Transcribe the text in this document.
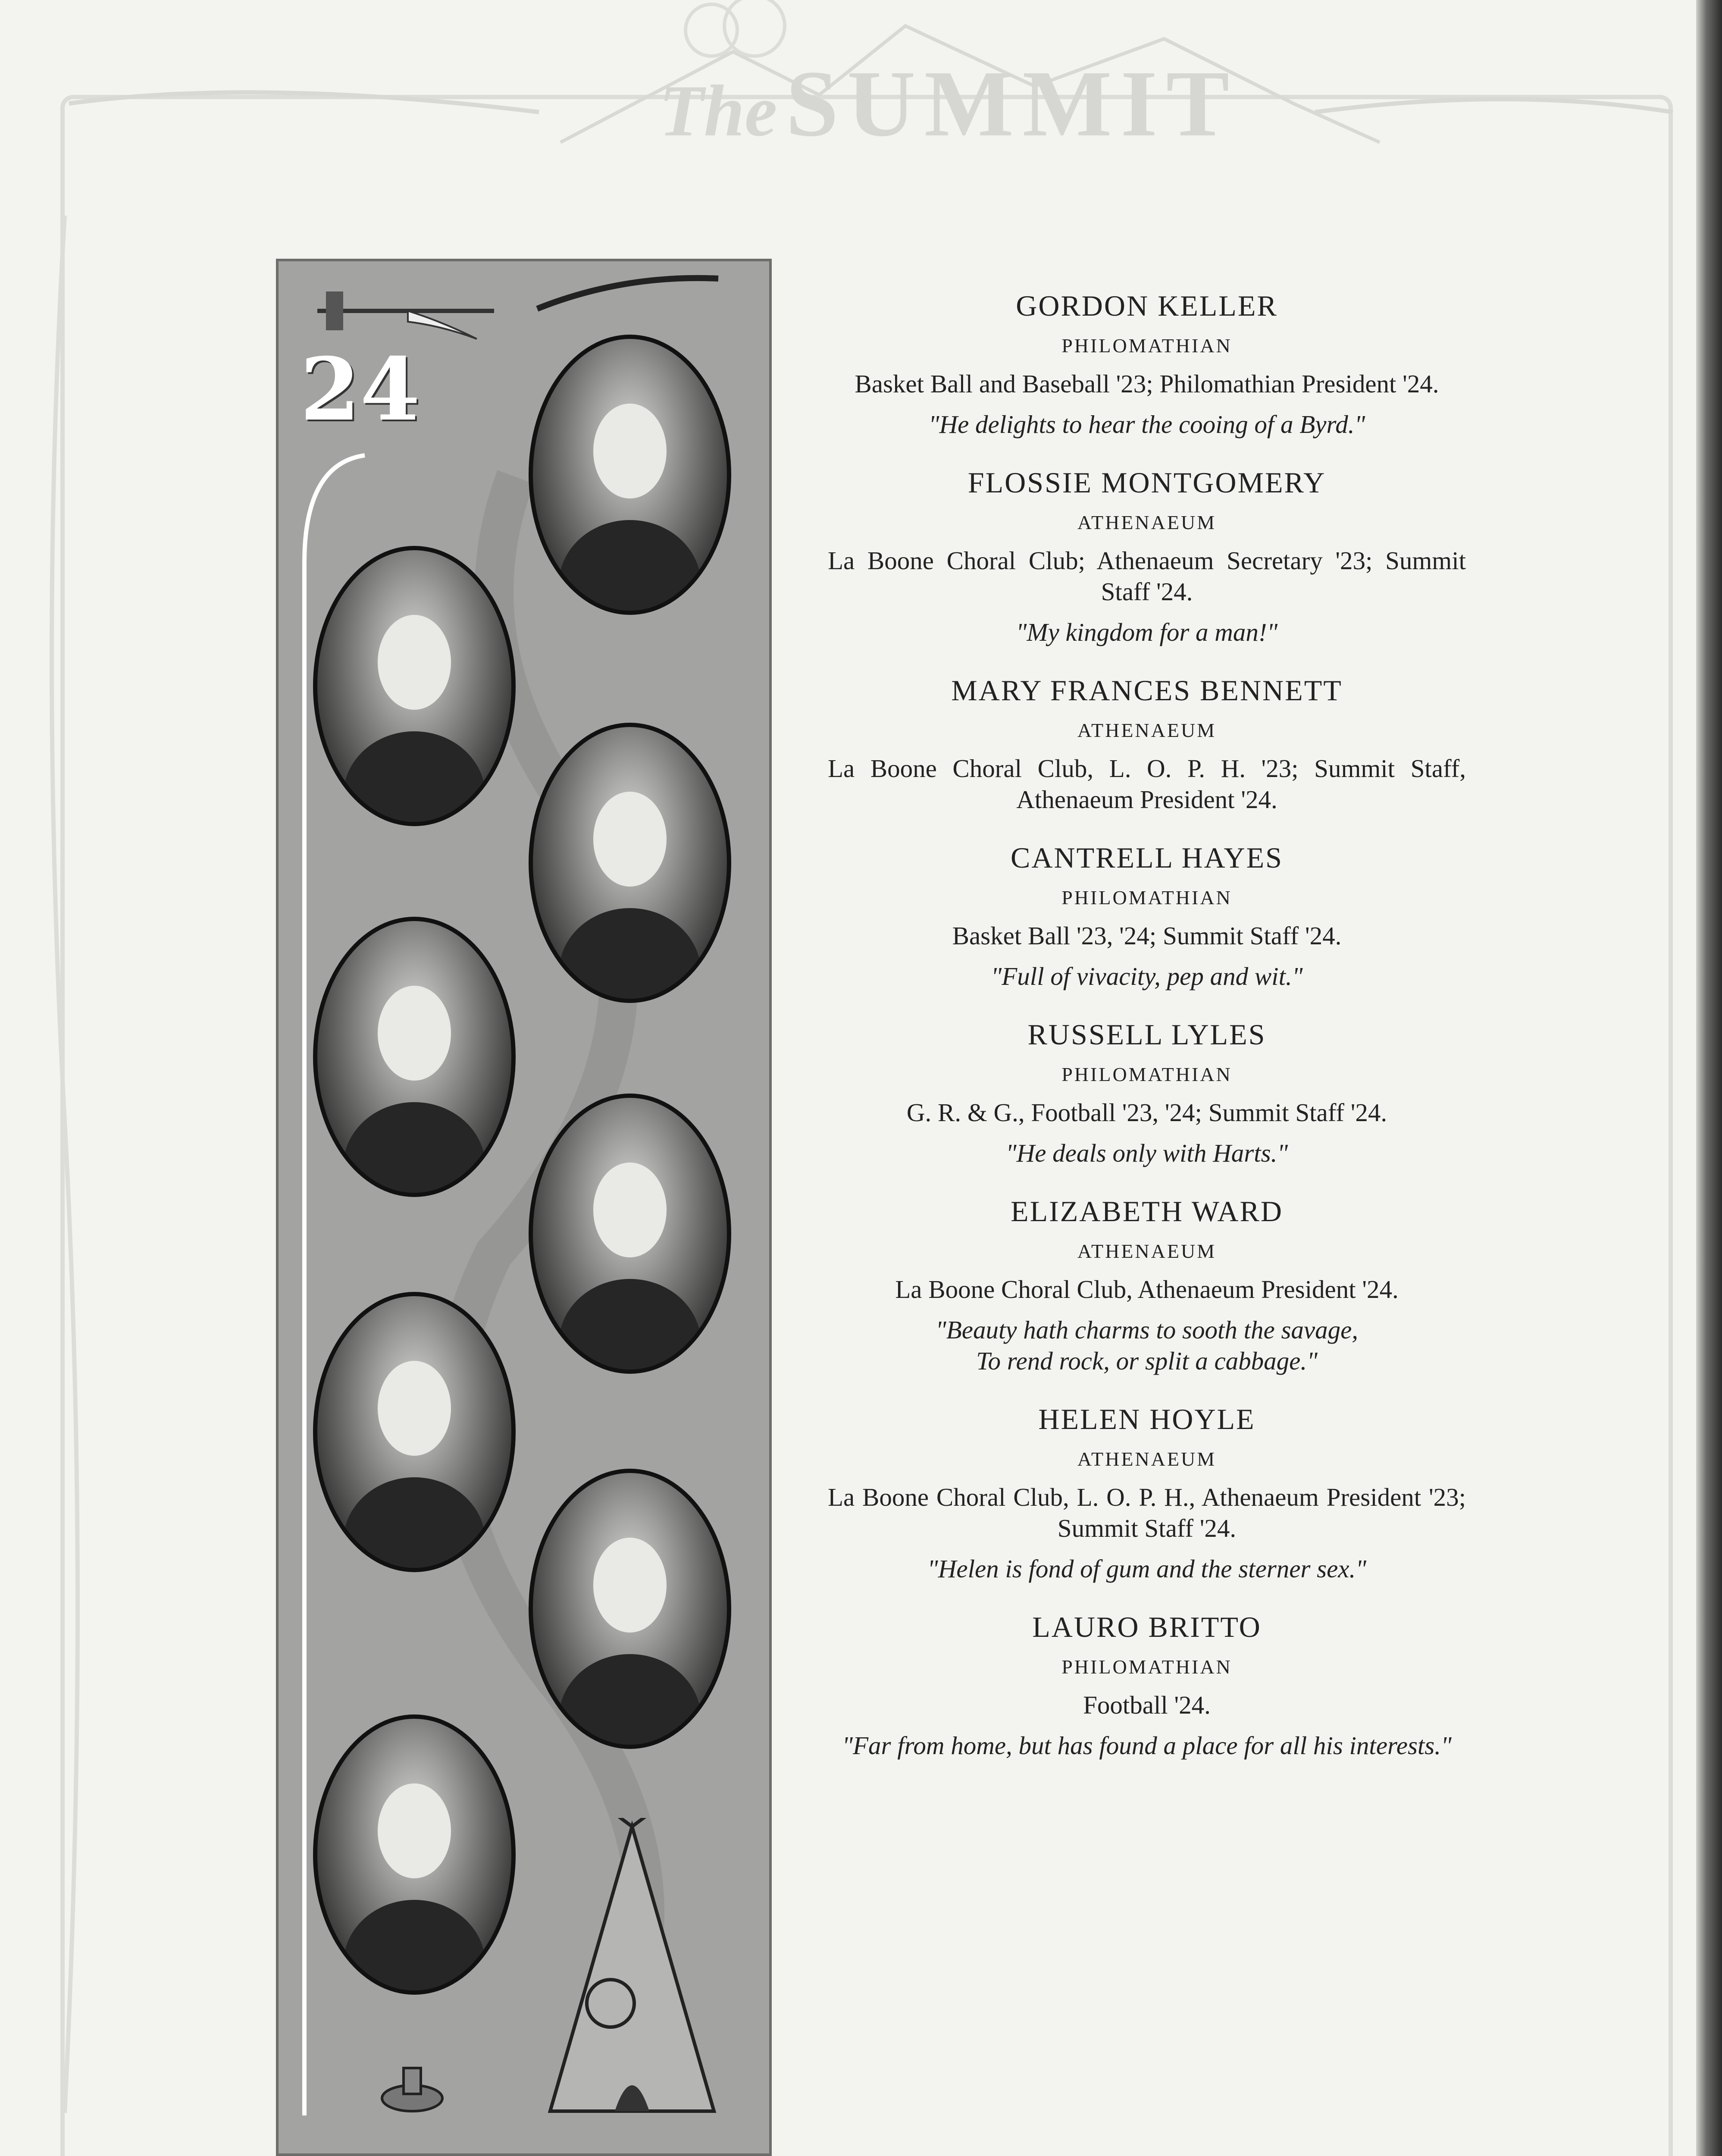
TheSUMMIT
24
GORDON KELLER
PHILOMATHIAN
Basket Ball and Baseball '23; Philomathian President '24.
"He delights to hear the cooing of a Byrd."
FLOSSIE MONTGOMERY
ATHENAEUM
La Boone Choral Club; Athenaeum Secretary '23; Summit Staff '24.
"My kingdom for a man!"
MARY FRANCES BENNETT
ATHENAEUM
La Boone Choral Club, L. O. P. H. '23; Summit Staff, Athenaeum President '24.
CANTRELL HAYES
PHILOMATHIAN
Basket Ball '23, '24; Summit Staff '24.
"Full of vivacity, pep and wit."
RUSSELL LYLES
PHILOMATHIAN
G. R. & G., Football '23, '24; Summit Staff '24.
"He deals only with Harts."
ELIZABETH WARD
ATHENAEUM
La Boone Choral Club, Athenaeum President '24.
"Beauty hath charms to sooth the savage, To rend rock, or split a cabbage."
HELEN HOYLE
ATHENAEUM
La Boone Choral Club, L. O. P. H., Athenaeum President '23; Summit Staff '24.
"Helen is fond of gum and the sterner sex."
LAURO BRITTO
PHILOMATHIAN
Football '24.
"Far from home, but has found a place for all his interests."
